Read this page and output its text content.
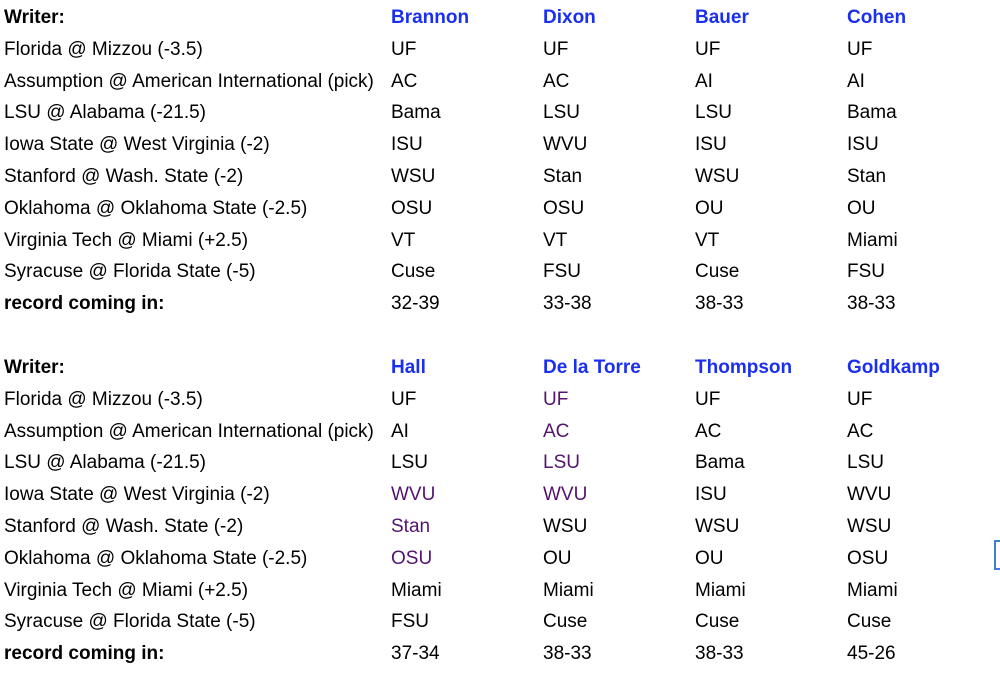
Writer:	Brannon	Dixon	Bauer	Cohen
Florida @ Mizzou (-3.5)	UF	UF	UF	UF
Assumption @ American International (pick)	AC	AC	AI	AI
LSU @ Alabama (-21.5)	Bama	LSU	LSU	Bama
Iowa State @ West Virginia (-2)	ISU	WVU	ISU	ISU
Stanford @ Wash. State (-2)	WSU	Stan	WSU	Stan
Oklahoma @ Oklahoma State (-2.5)	OSU	OSU	OU	OU
Virginia Tech @ Miami (+2.5)	VT	VT	VT	Miami
Syracuse @ Florida State (-5)	Cuse	FSU	Cuse	FSU
record coming in:	32-39	33-38	38-33	38-33
Writer:	Hall	De la Torre	Thompson	Goldkamp
Florida @ Mizzou (-3.5)	UF	UF	UF	UF
Assumption @ American International (pick)	AI	AC	AC	AC
LSU @ Alabama (-21.5)	LSU	LSU	Bama	LSU
Iowa State @ West Virginia (-2)	WVU	WVU	ISU	WVU
Stanford @ Wash. State (-2)	Stan	WSU	WSU	WSU
Oklahoma @ Oklahoma State (-2.5)	OSU	OU	OU	OSU
Virginia Tech @ Miami (+2.5)	Miami	Miami	Miami	Miami
Syracuse @ Florida State (-5)	FSU	Cuse	Cuse	Cuse
record coming in:	37-34	38-33	38-33	45-26
